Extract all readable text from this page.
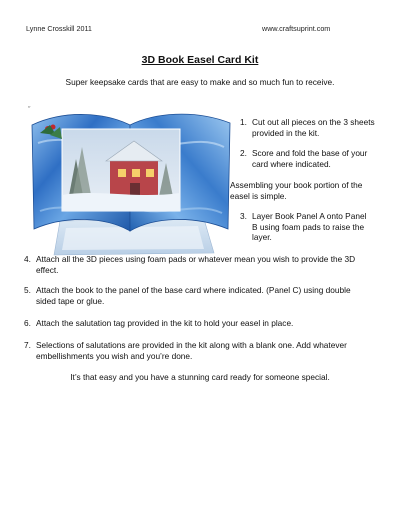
Lynne Crosskill 2011	www.craftsuprint.com
3D Book Easel Card Kit
Super keepsake cards that are easy to make and so much fun to receive.
″
1. Cut out all pieces on the 3 sheets
provided in the kit.
2. Score and fold the base of your
card where indicated.
Assembling your book portion of the
easel is simple.
3. Layer Book Panel A onto Panel
B using foam pads to raise the
layer.
4. Attach all the 3D pieces using foam pads or whatever mean you wish to provide the 3D
effect.
5. Attach the book to the panel of the base card where indicated. (Panel C) using double
sided tape or glue.
6. Attach the salutation tag provided in the kit to hold your easel in place.
7. Selections of salutations are provided in the kit along with a blank one. Add whatever
embellishments you wish and you’re done.
It’s that easy and you have a stunning card ready for someone special.
